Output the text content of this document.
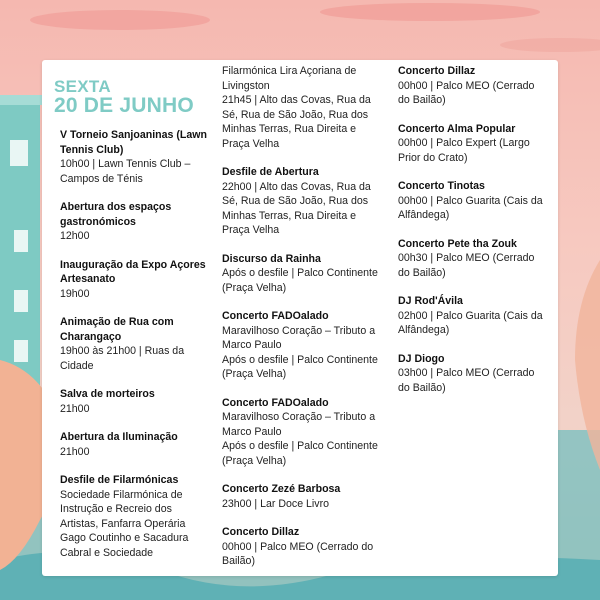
SEXTA
20 DE JUNHO
V Torneio Sanjoaninas (Lawn Tennis Club)
10h00 | Lawn Tennis Club – Campos de Ténis
Abertura dos espaços gastronómicos
12h00
Inauguração da Expo Açores Artesanato
19h00
Animação de Rua com Charangaço
19h00 às 21h00 | Ruas da Cidade
Salva de morteiros
21h00
Abertura da Iluminação
21h00
Desfile de Filarmónicas
Sociedade Filarmónica de Instrução e Recreio dos Artistas, Fanfarra Operária Gago Coutinho e Sacadura Cabral e Sociedade
Filarmónica Lira Açoriana de Livingston
21h45 | Alto das Covas, Rua da Sé, Rua de São João, Rua dos Minhas Terras, Rua Direita e Praça Velha
Desfile de Abertura
22h00 | Alto das Covas, Rua da Sé, Rua de São João, Rua dos Minhas Terras, Rua Direita e Praça Velha
Discurso da Rainha
Após o desfile | Palco Continente (Praça Velha)
Concerto FADOalado
Maravilhoso Coração – Tributo a Marco Paulo
Após o desfile | Palco Continente (Praça Velha)
Concerto FADOalado
Maravilhoso Coração – Tributo a Marco Paulo
Após o desfile | Palco Continente (Praça Velha)
Concerto Zezé Barbosa
23h00 | Lar Doce Livro
Concerto Dillaz
00h00 | Palco MEO (Cerrado do Bailão)
Concerto Dillaz
00h00 | Palco MEO (Cerrado do Bailão)
Concerto Alma Popular
00h00 | Palco Expert (Largo Prior do Crato)
Concerto Tinotas
00h00 | Palco Guarita (Cais da Alfândega)
Concerto Pete tha Zouk
00h30 | Palco MEO (Cerrado do Bailão)
DJ Rod'Ávila
02h00 | Palco Guarita (Cais da Alfândega)
DJ Diogo
03h00 | Palco MEO (Cerrado do Bailão)
